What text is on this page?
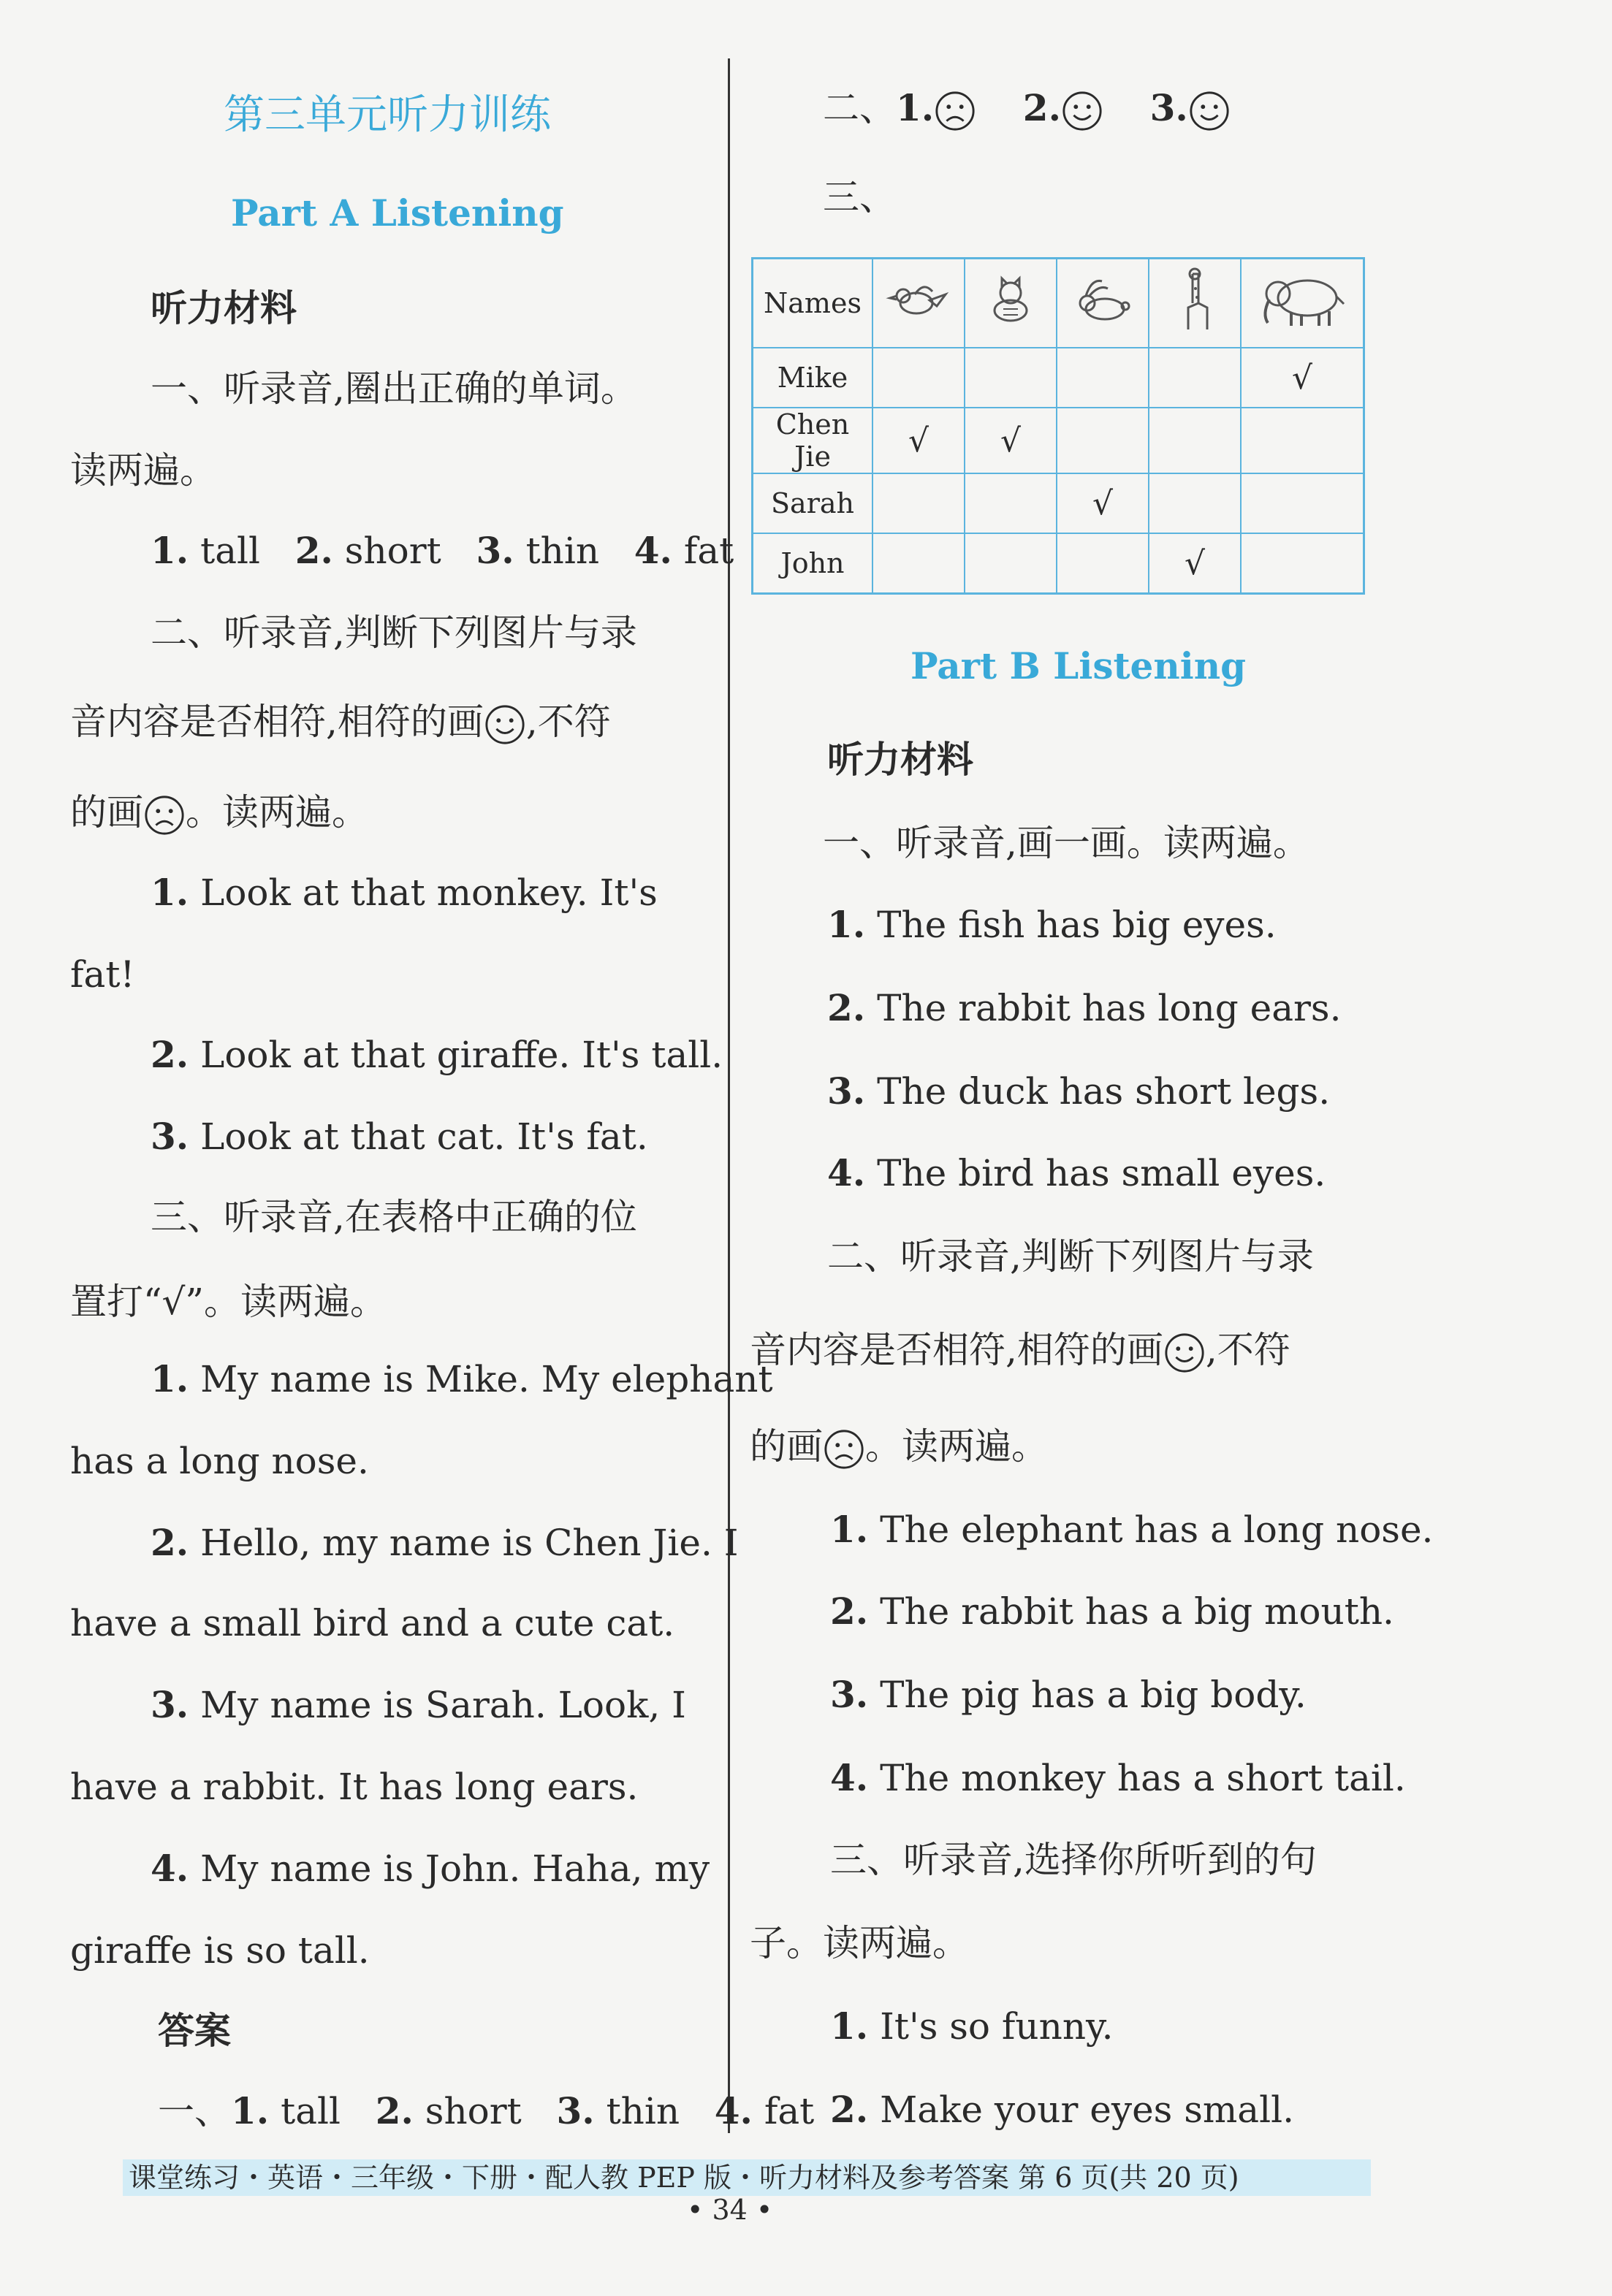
第三单元听力训练
Part A Listening
听力材料
一、听录音,圈出正确的单词。
读两遍。
1. tall 2. short 3. thin 4. fat
二、听录音,判断下列图片与录
音内容是否相符,相符的画 ,不符
的画 。读两遍。
1. Look at that monkey. It's
fat!
2. Look at that giraffe. It's tall.
3. Look at that cat. It's fat.
三、听录音,在表格中正确的位
置打“√”。读两遍。
1. My name is Mike. My elephant
has a long nose.
2. Hello, my name is Chen Jie. I
have a small bird and a cute cat.
3. My name is Sarah. Look, I
have a rabbit. It has long ears.
4. My name is John. Haha, my
giraffe is so tall.
答案
一、1. tall 2. short 3. thin 4. fat
二、1. 2. 3.
三、
Part B Listening
听力材料
一、听录音,画一画。读两遍。
1. The fish has big eyes.
2. The rabbit has long ears.
3. The duck has short legs.
4. The bird has small eyes.
二、听录音,判断下列图片与录
音内容是否相符,相符的画 ,不符
的画 。读两遍。
1. The elephant has a long nose.
2. The rabbit has a big mouth.
3. The pig has a big body.
4. The monkey has a short tail.
三、听录音,选择你所听到的句
子。读两遍。
1. It's so funny.
2. Make your eyes small.
Names					
Mike					√
Chen Jie	√	√			
Sarah			√		
John				√	
课堂练习・英语・三年级・下册・配人教 PEP 版・听力材料及参考答案 第 6 页(共 20 页)
• 34 •
